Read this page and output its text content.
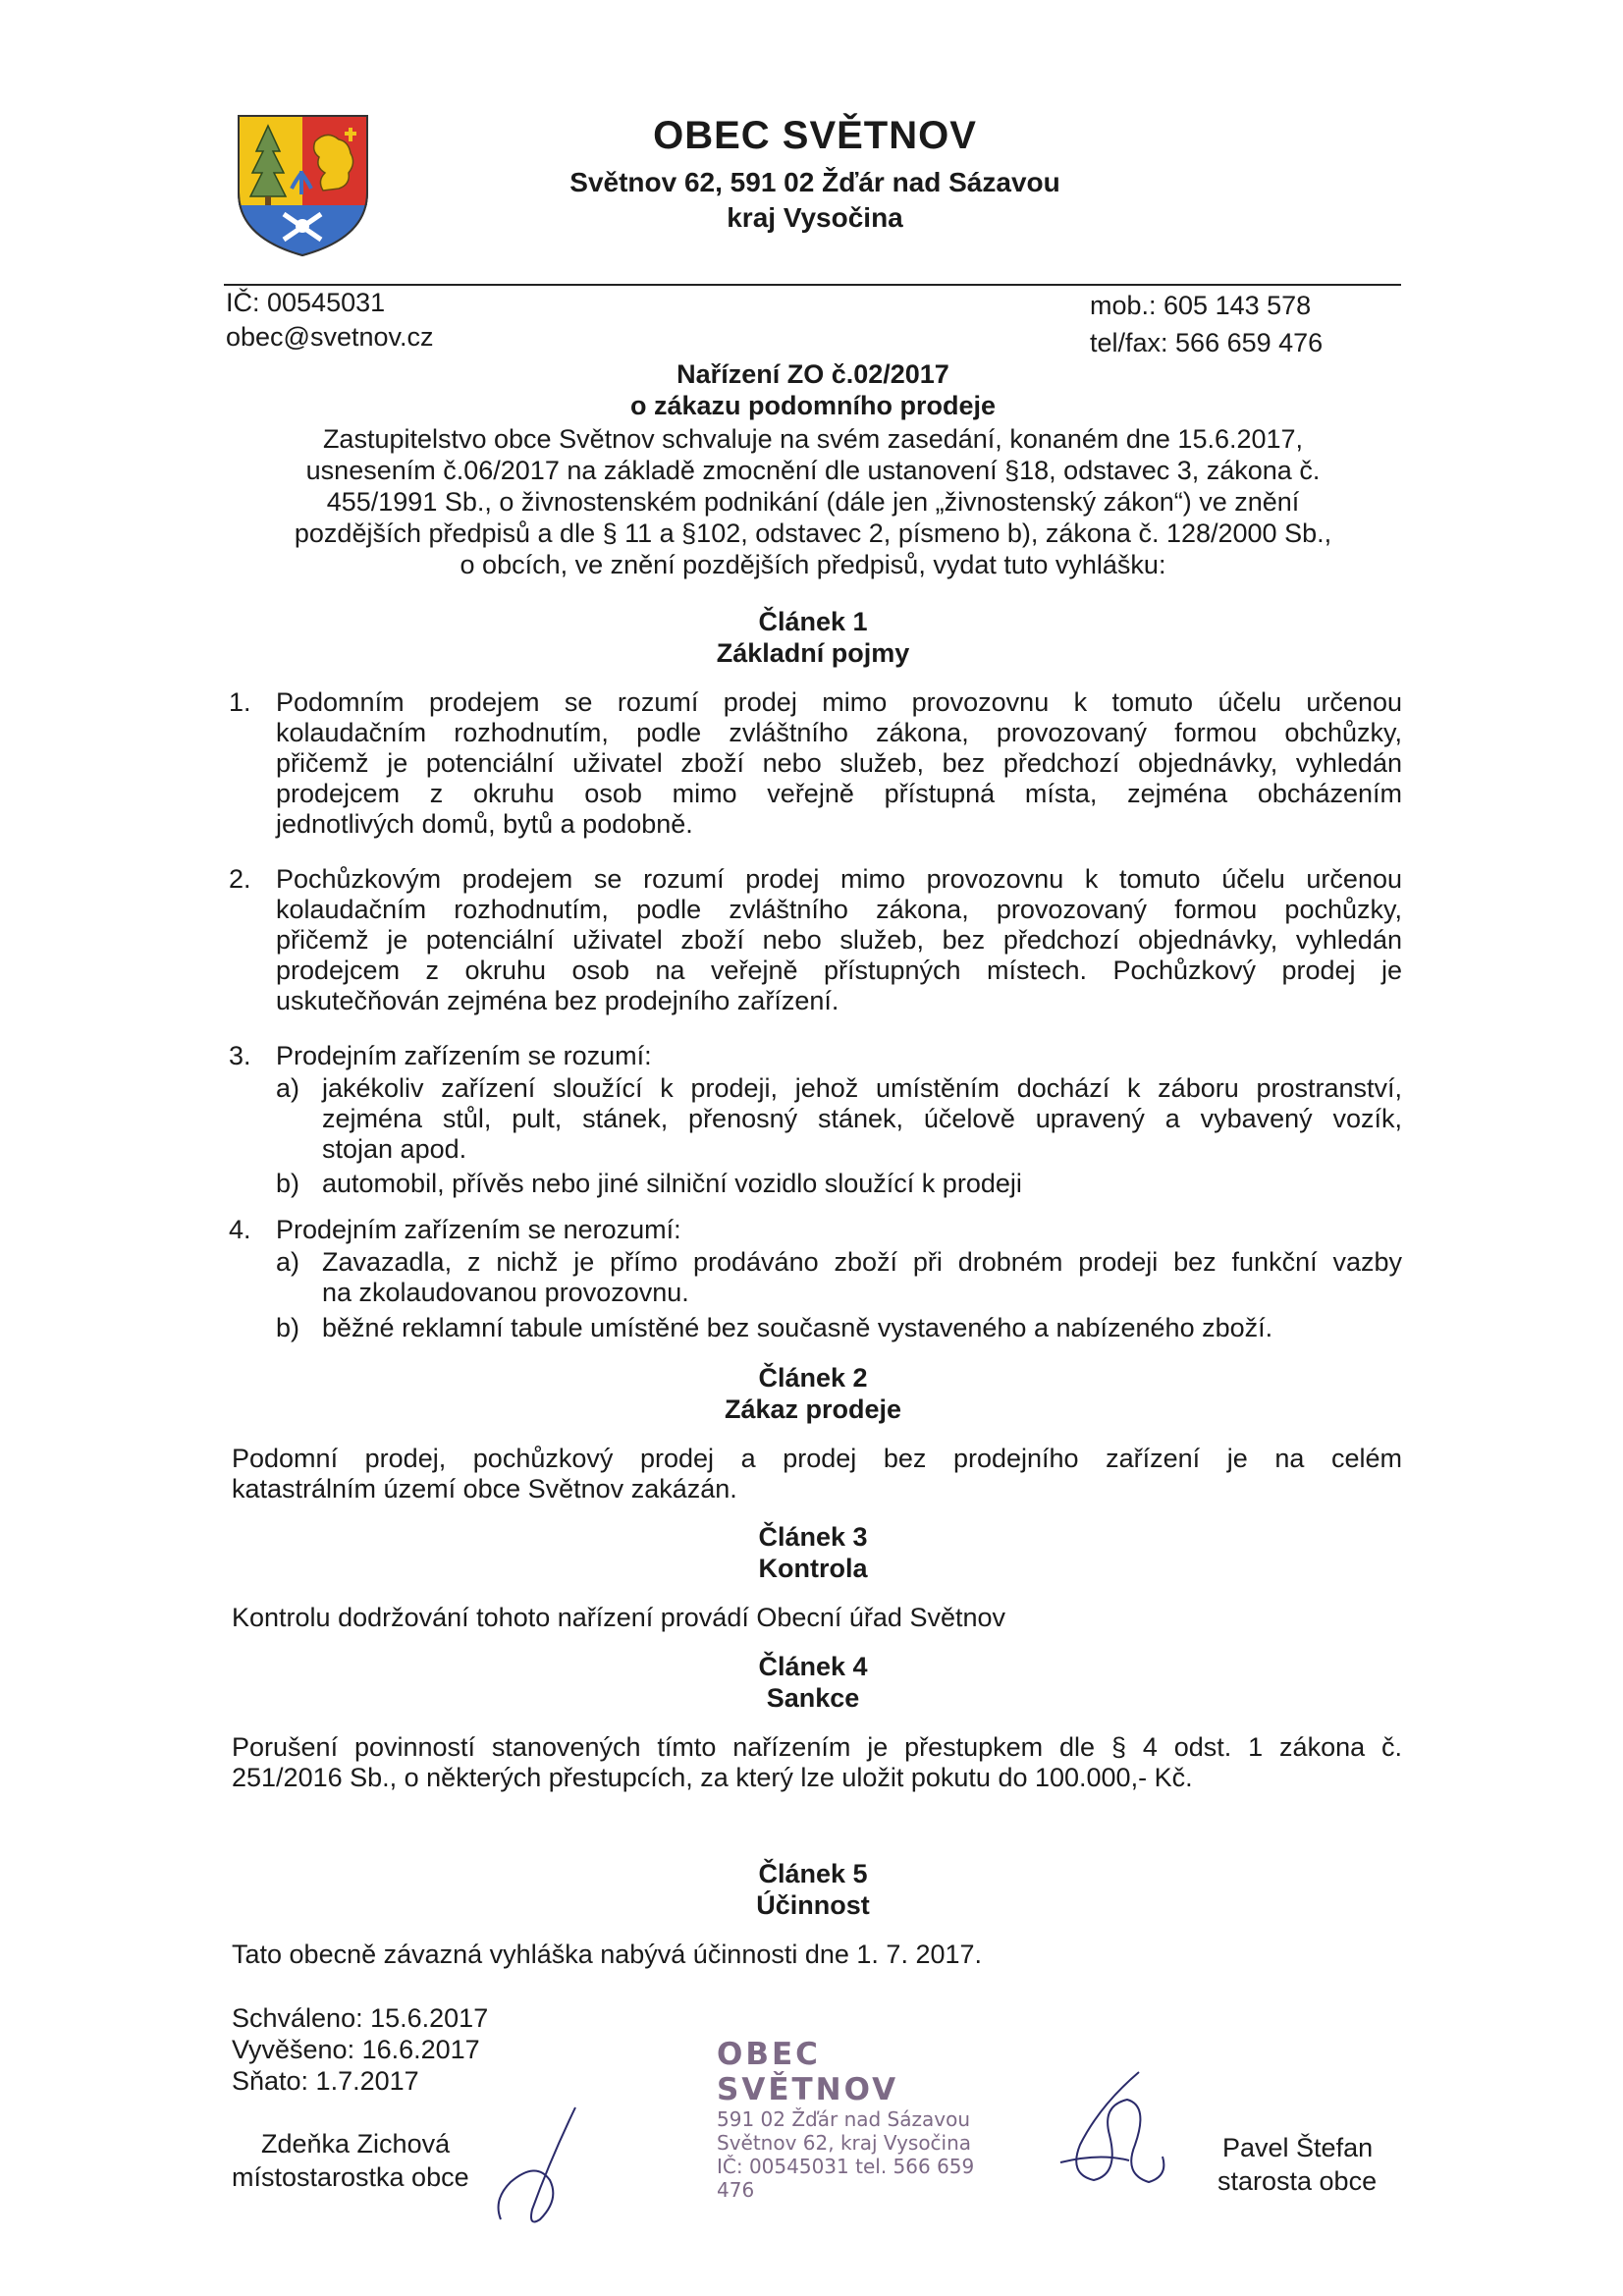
OBEC SVĚTNOV
Světnov 62, 591 02 Žďár nad Sázavou
kraj Vysočina
IČ: 00545031
obec@svetnov.cz
mob.: 605 143 578
tel/fax: 566 659 476
Nařízení ZO č.02/2017
o zákazu podomního prodeje
Zastupitelstvo obce Světnov schvaluje na svém zasedání, konaném dne 15.6.2017,
usnesením č.06/2017 na základě zmocnění dle ustanovení §18, odstavec 3, zákona č.
455/1991 Sb., o živnostenském podnikání (dále jen „živnostenský zákon“) ve znění
pozdějších předpisů a dle § 11 a §102, odstavec 2, písmeno b), zákona č. 128/2000 Sb.,
o obcích, ve znění pozdějších předpisů, vydat tuto vyhlášku:
Článek 1
Základní pojmy
1. Podomním prodejem se rozumí prodej mimo provozovnu k tomuto účelu určenou
kolaudačním rozhodnutím, podle zvláštního zákona, provozovaný formou obchůzky,
přičemž je potenciální uživatel zboží nebo služeb, bez předchozí objednávky, vyhledán
prodejcem z okruhu osob mimo veřejně přístupná místa, zejména obcházením
jednotlivých domů, bytů a podobně.
2. Pochůzkovým prodejem se rozumí prodej mimo provozovnu k tomuto účelu určenou
kolaudačním rozhodnutím, podle zvláštního zákona, provozovaný formou pochůzky,
přičemž je potenciální uživatel zboží nebo služeb, bez předchozí objednávky, vyhledán
prodejcem z okruhu osob na veřejně přístupných místech. Pochůzkový prodej je
uskutečňován zejména bez prodejního zařízení.
3. Prodejním zařízením se rozumí:
a) jakékoliv zařízení sloužící k prodeji, jehož umístěním dochází k záboru prostranství,
zejména stůl, pult, stánek, přenosný stánek, účelově upravený a vybavený vozík,
stojan apod.
b) automobil, přívěs nebo jiné silniční vozidlo sloužící k prodeji
4. Prodejním zařízením se nerozumí:
a) Zavazadla, z nichž je přímo prodáváno zboží při drobném prodeji bez funkční vazby
na zkolaudovanou provozovnu.
b) běžné reklamní tabule umístěné bez současně vystaveného a nabízeného zboží.
Článek 2
Zákaz prodeje
Podomní prodej, pochůzkový prodej a prodej bez prodejního zařízení je na celém
katastrálním území obce Světnov zakázán.
Článek 3
Kontrola
Kontrolu dodržování tohoto nařízení provádí Obecní úřad Světnov
Článek 4
Sankce
Porušení povinností stanovených tímto nařízením je přestupkem dle § 4 odst. 1 zákona č.
251/2016 Sb., o některých přestupcích, za který lze uložit pokutu do 100.000,- Kč.
Článek 5
Účinnost
Tato obecně závazná vyhláška nabývá účinnosti dne 1. 7. 2017.
Schváleno: 15.6.2017
Vyvěšeno: 16.6.2017
Sňato: 1.7.2017
OBEC SVĚTNOV
591 02 Žďár nad Sázavou
Světnov 62, kraj Vysočina
IČ: 00545031 tel. 566 659 476
Zdeňka Zichová
místostarostka obce
Pavel Štefan
starosta obce
